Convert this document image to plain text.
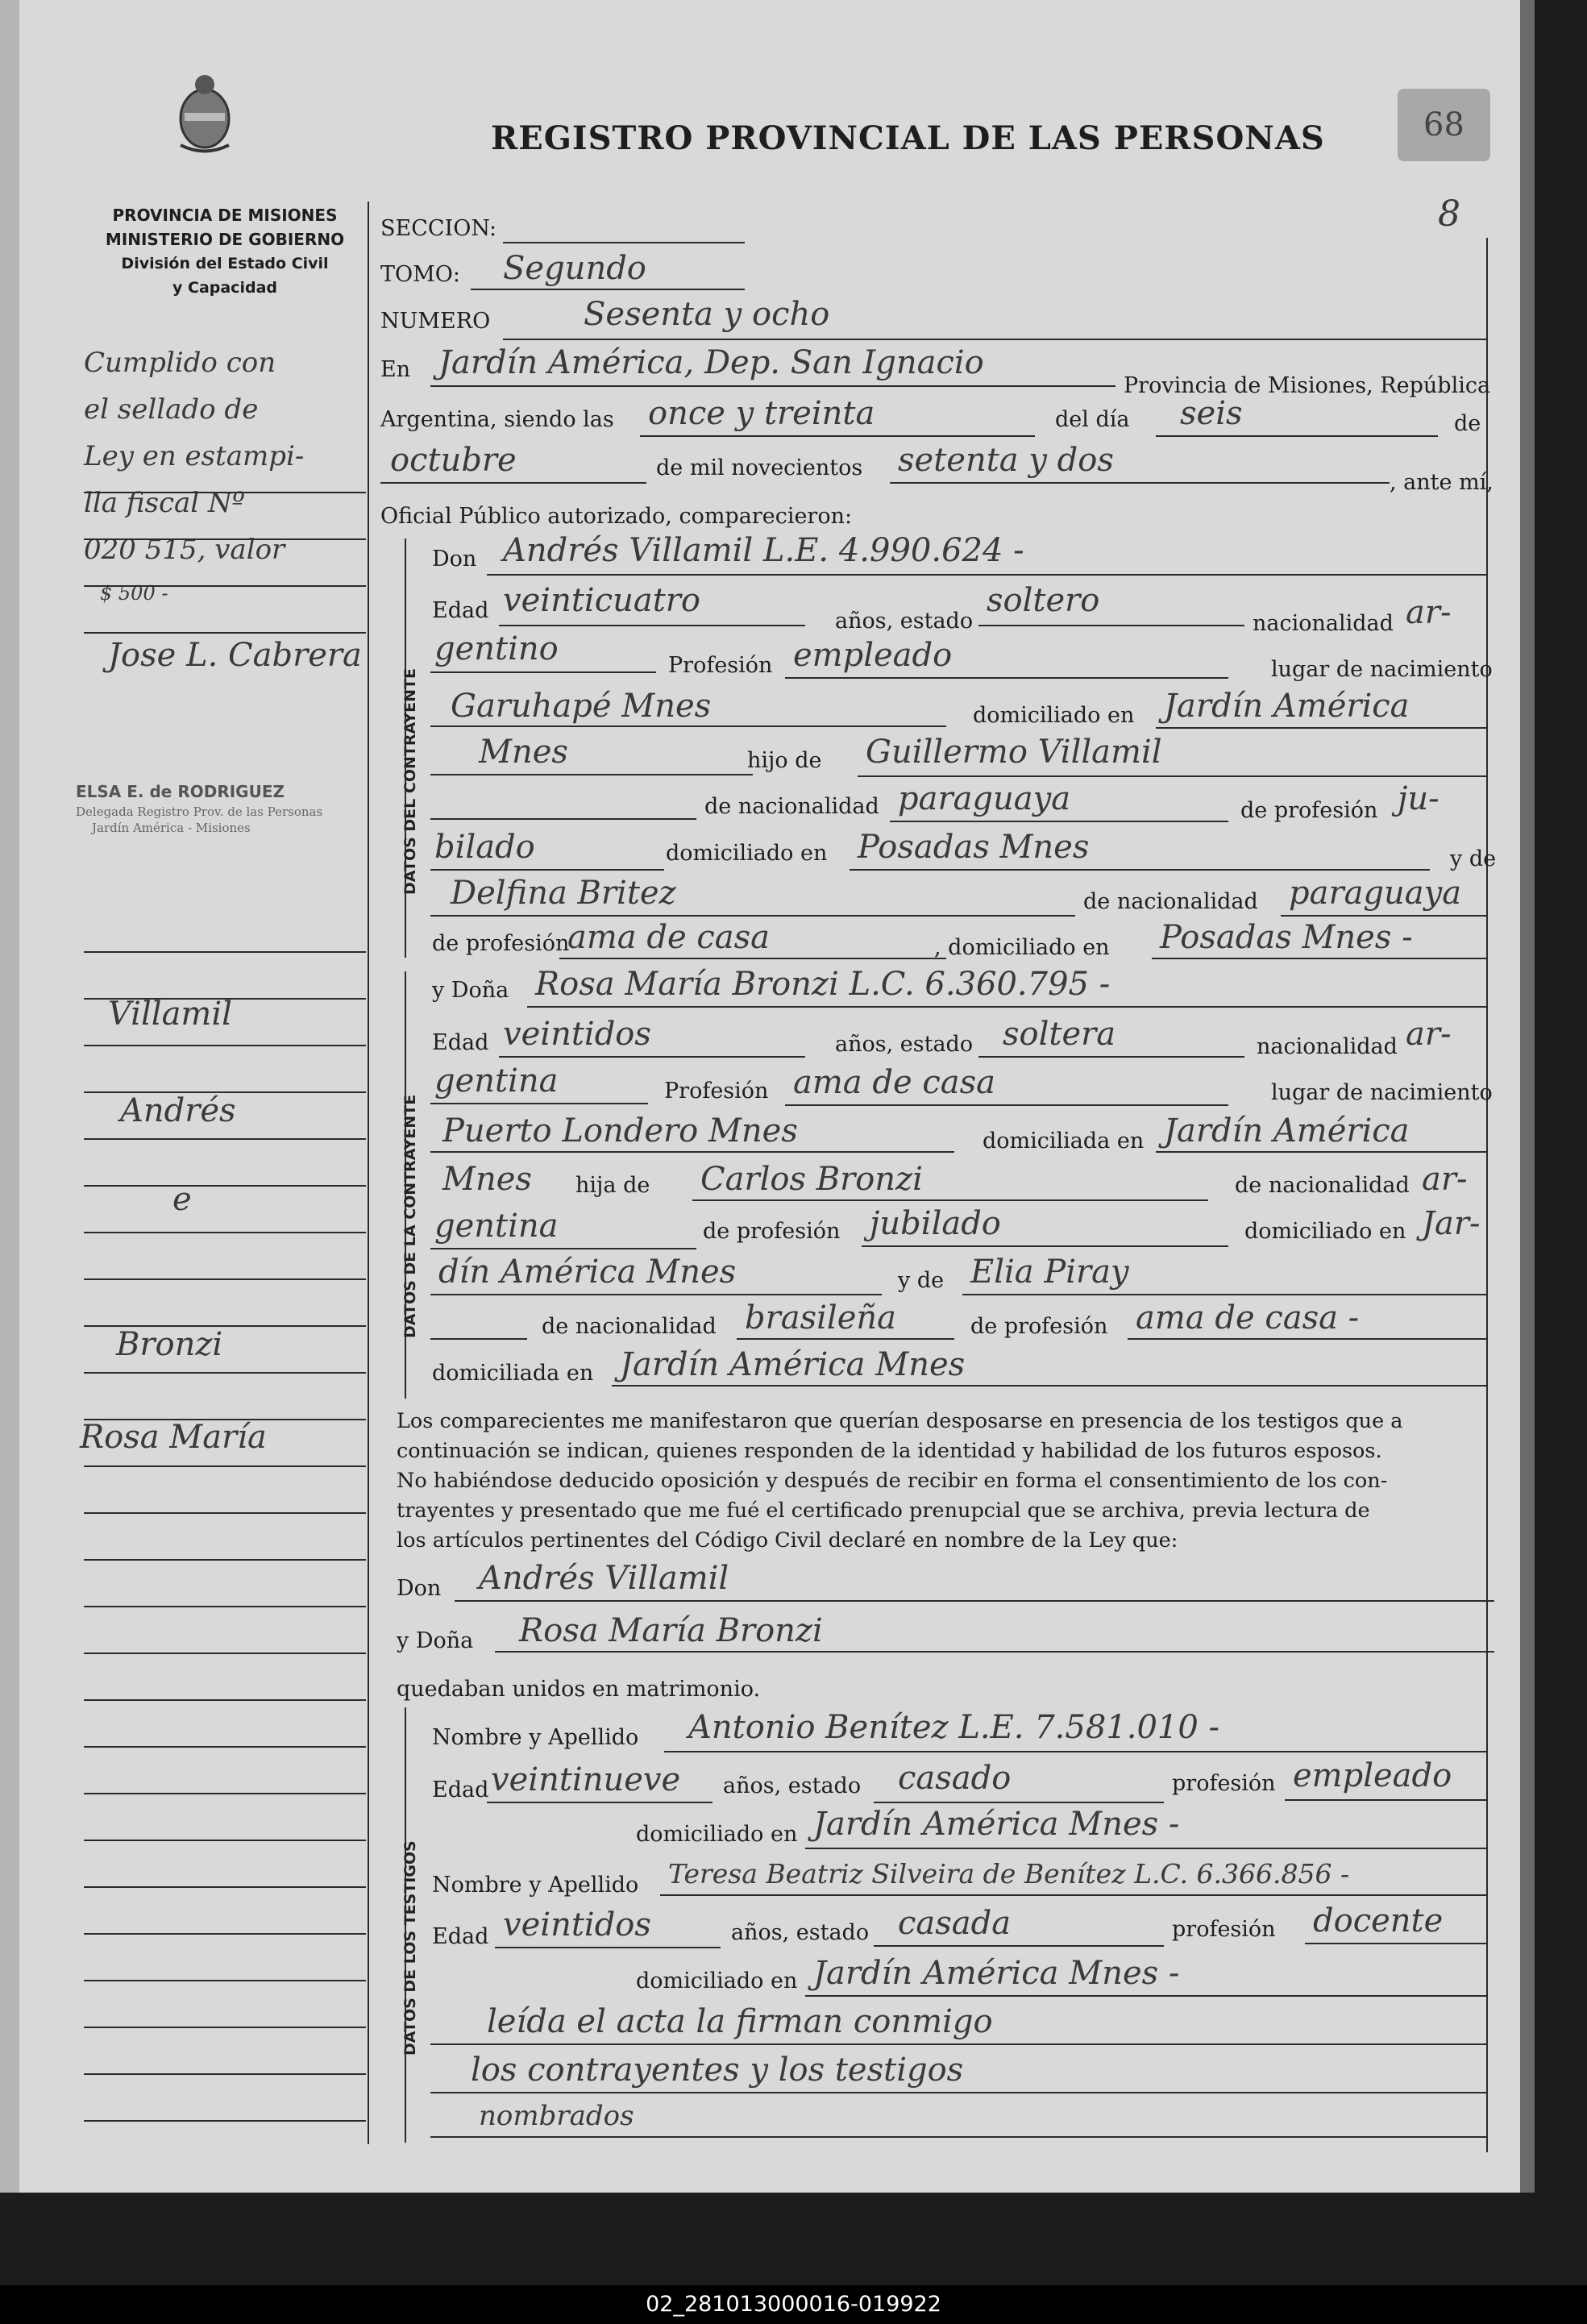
PROVINCIA DE MISIONES
MINISTERIO DE GOBIERNO
División del Estado Civil
y Capacidad
REGISTRO PROVINCIAL DE LAS PERSONAS	68
8
Cumplido con
el sellado de
Ley en estampi-
lla fiscal Nº
020 515, valor
$ 500 -
Jose L. Cabrera
ELSA E. de RODRIGUEZ
Delegada Registro Prov. de las Personas
Jardín América - Misiones
Villamil
Andrés
e
Bronzi
Rosa María
SECCION:
TOMO: Segundo
NUMERO	Sesenta y ocho
En Jardín América, Dep. San Ignacio
Provincia de Misiones, República
Argentina, siendo las once y treinta	del día seis	de
octubre	de mil novecientos setenta y dos
, ante mí,
Oficial Público autorizado, comparecieron:
DATOS DEL CONTRAYENTE
Don Andrés Villamil L.E. 4.990.624 -
Edad veinticuatro
años, estado
soltero
nacionalidad ar-
gentino	Profesión empleado	lugar de nacimiento
Garuhapé Mnes	domiciliado en Jardín América
Mnes	hijo de Guillermo Villamil
de nacionalidad paraguaya	de profesión ju-
bilado	domiciliado en Posadas Mnes	y de
Delfina Britez	de nacionalidad paraguaya
de profesión
ama de casa	, domiciliado en Posadas Mnes -
DATOS DE LA CONTRAYENTE
y Doña Rosa María Bronzi L.C. 6.360.795 -
Edad veintidos	años, estado soltera	nacionalidad ar-
gentina	Profesión ama de casa	lugar de nacimiento
Puerto Londero Mnes	domiciliada en Jardín América
Mnes hija de Carlos Bronzi	de nacionalidad ar-
gentina	de profesión jubilado	domiciliado en Jar-
dín América Mnes	y de Elia Piray
de nacionalidad brasileña	de profesión ama de casa -
domiciliada en Jardín América Mnes
Los comparecientes me manifestaron que querían desposarse en presencia de los testigos que a
continuación se indican, quienes responden de la identidad y habilidad de los futuros esposos.
No habiéndose deducido oposición y después de recibir en forma el consentimiento de los con-
trayentes y presentado que me fué el certificado prenupcial que se archiva, previa lectura de
los artículos pertinentes del Código Civil declaré en nombre de la Ley que:
Don Andrés Villamil
y Doña Rosa María Bronzi
quedaban unidos en matrimonio.
DATOS DE LOS TESTIGOS
Nombre y Apellido Antonio Benítez L.E. 7.581.010 -
Edad veintinueve años, estado casado	profesión empleado
domiciliado en Jardín América Mnes -
Nombre y Apellido Teresa Beatriz Silveira de Benítez L.C. 6.366.856 -
Edad veintidos	años, estado casada	profesión docente
domiciliado en Jardín América Mnes -
leída el acta la firman conmigo
los contrayentes y los testigos
nombrados
02_281013000016-019922
